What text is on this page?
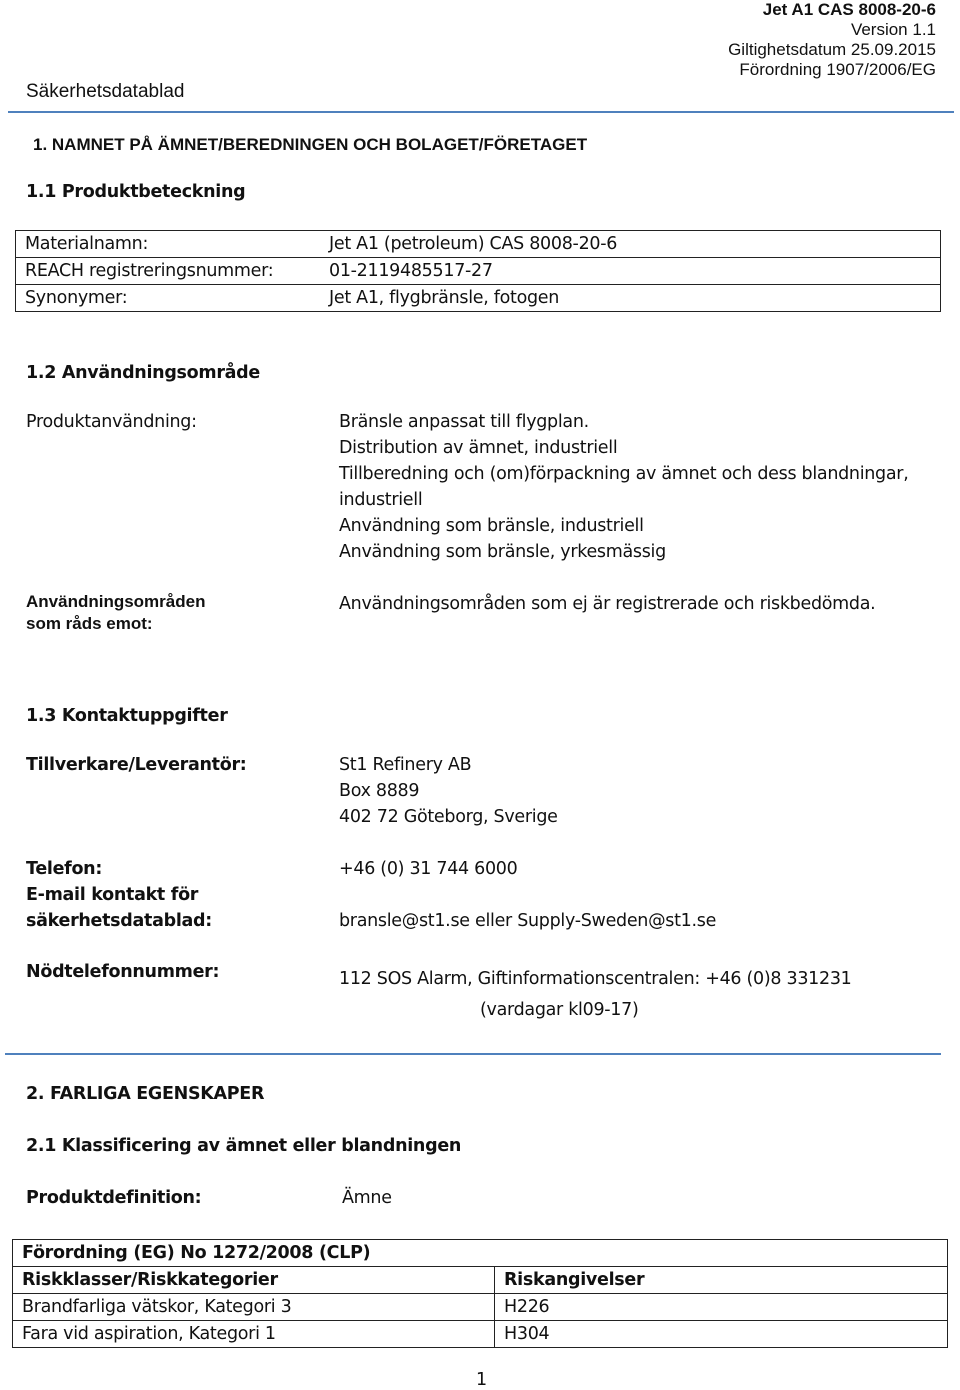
Jet A1 CAS 8008-20-6
Version 1.1
Giltighetsdatum 25.09.2015
Förordning 1907/2006/EG
Säkerhetsdatablad
1. NAMNET PÅ ÄMNET/BEREDNINGEN OCH BOLAGET/FÖRETAGET
1.1 Produktbeteckning
Materialnamn:	Jet A1 (petroleum) CAS 8008-20-6
REACH registreringsnummer:	01-2119485517-27
Synonymer:	Jet A1, flygbränsle, fotogen
1.2 Användningsområde
Produktanvändning:	Bränsle anpassat till flygplan.
Distribution av ämnet, industriell
Tillberedning och (om)förpackning av ämnet och dess blandningar,
industriell
Användning som bränsle, industriell
Användning som bränsle, yrkesmässig
Användningsområden
som råds emot:
Användningsområden som ej är registrerade och riskbedömda.
1.3 Kontaktuppgifter
Tillverkare/Leverantör:	St1 Refinery AB
Box 8889
402 72 Göteborg, Sverige
Telefon:	+46 (0) 31 744 6000
E-mail kontakt för
säkerhetsdatablad:	bransle@st1.se eller Supply-Sweden@st1.se
Nödtelefonnummer:	112 SOS Alarm, Giftinformationscentralen: +46 (0)8 331231
(vardagar kl09-17)
2. FARLIGA EGENSKAPER
2.1 Klassificering av ämnet eller blandningen
Produktdefinition:	Ämne
Förordning (EG) No 1272/2008 (CLP)	
Riskklasser/Riskkategorier	Riskangivelser
Brandfarliga vätskor, Kategori 3	H226
Fara vid aspiration, Kategori 1	H304
1
